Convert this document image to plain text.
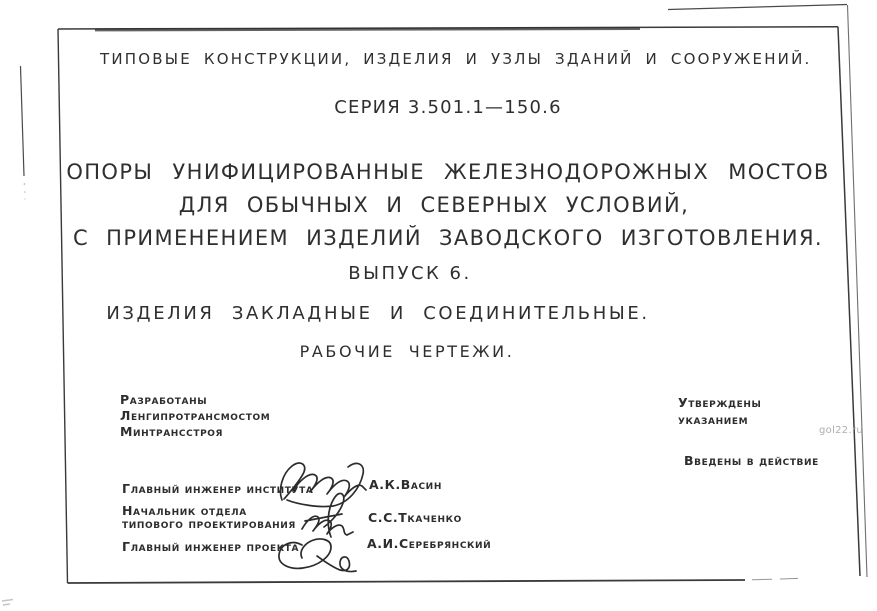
ТИПОВЫЕ КОНСТРУКЦИИ, ИЗДЕЛИЯ И УЗЛЫ ЗДАНИЙ И СООРУЖЕНИЙ.
СЕРИЯ 3.501.1—150.6
ОПОРЫ УНИФИЦИРОВАННЫЕ ЖЕЛЕЗНОДОРОЖНЫХ МОСТОВ
ДЛЯ ОБЫЧНЫХ И СЕВЕРНЫХ УСЛОВИЙ,
С ПРИМЕНЕНИЕМ ИЗДЕЛИЙ ЗАВОДСКОГО ИЗГОТОВЛЕНИЯ.
ВЫПУСК 6.
ИЗДЕЛИЯ ЗАКЛАДНЫЕ И СОЕДИНИТЕЛЬНЫЕ.
РАБОЧИЕ ЧЕРТЕЖИ.
Разработаны
Ленгипротрансмостом
Минтрансстроя
Утверждены
указанием
Введены в действие
Главный инженер института
Начальник отдела
типового проектирования
Главный инженер проекта
А.К.Васин
С.С.Ткаченко
А.И.Серебрянский
gol22.ru
